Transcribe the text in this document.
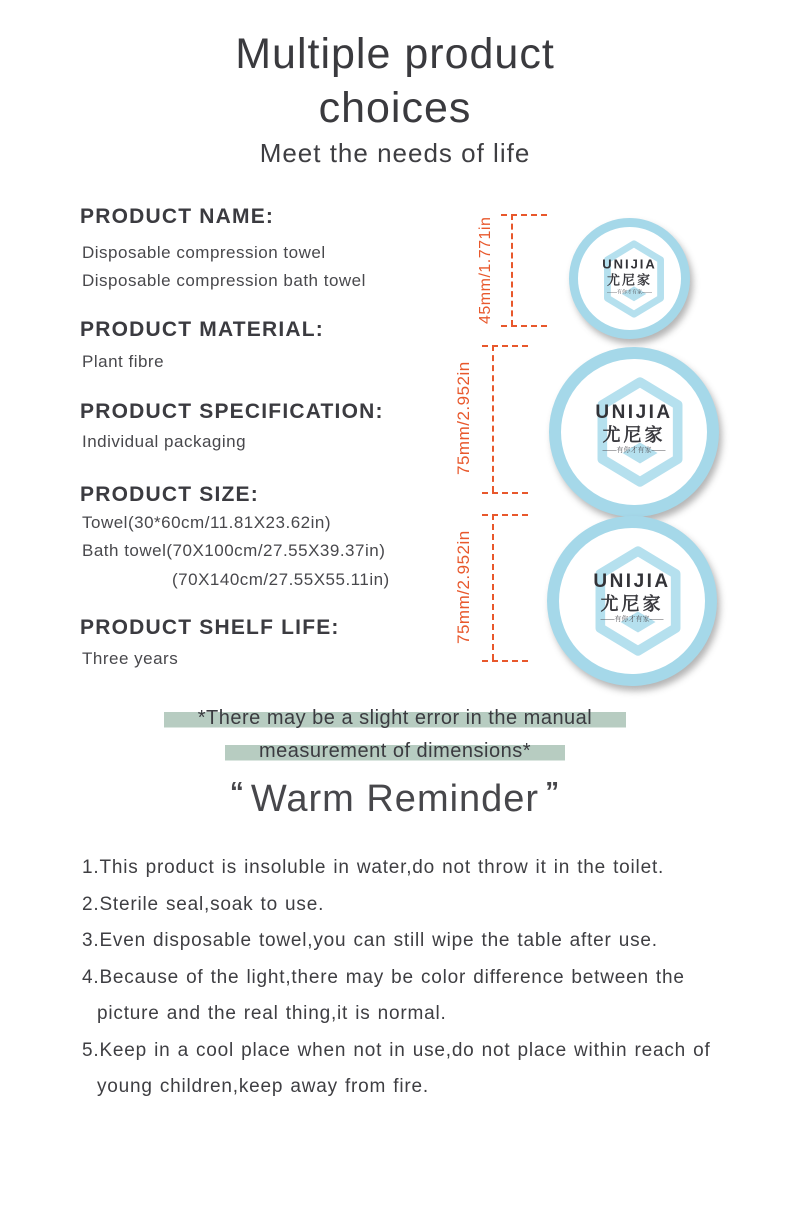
Multiple product
choices
Meet the needs of life
PRODUCT NAME:
Disposable compression towel
Disposable compression bath towel
PRODUCT MATERIAL:
Plant fibre
PRODUCT SPECIFICATION:
Individual packaging
PRODUCT SIZE:
Towel(30*60cm/11.81X23.62in)
Bath towel(70X100cm/27.55X39.37in)
(70X140cm/27.55X55.11in)
PRODUCT SHELF LIFE:
Three years
45mm/1.771in	UNIJIA
尤尼家
——有你才有家——
75mm/2.952in	UNIJIA
尤尼家
——有你才有家——
75mm/2.952in	UNIJIA
尤尼家
——有你才有家——
*There may be a slight error in the manual
measurement of dimensions*
“ Warm Reminder ”
1.This product is insoluble in water,do not throw it in the toilet.
2.Sterile seal,soak to use.
3.Even disposable towel,you can still wipe the table after use.
4.Because of the light,there may be color difference between the picture and the real thing,it is normal.
5.Keep in a cool place when not in use,do not place within reach of young children,keep away from fire.
